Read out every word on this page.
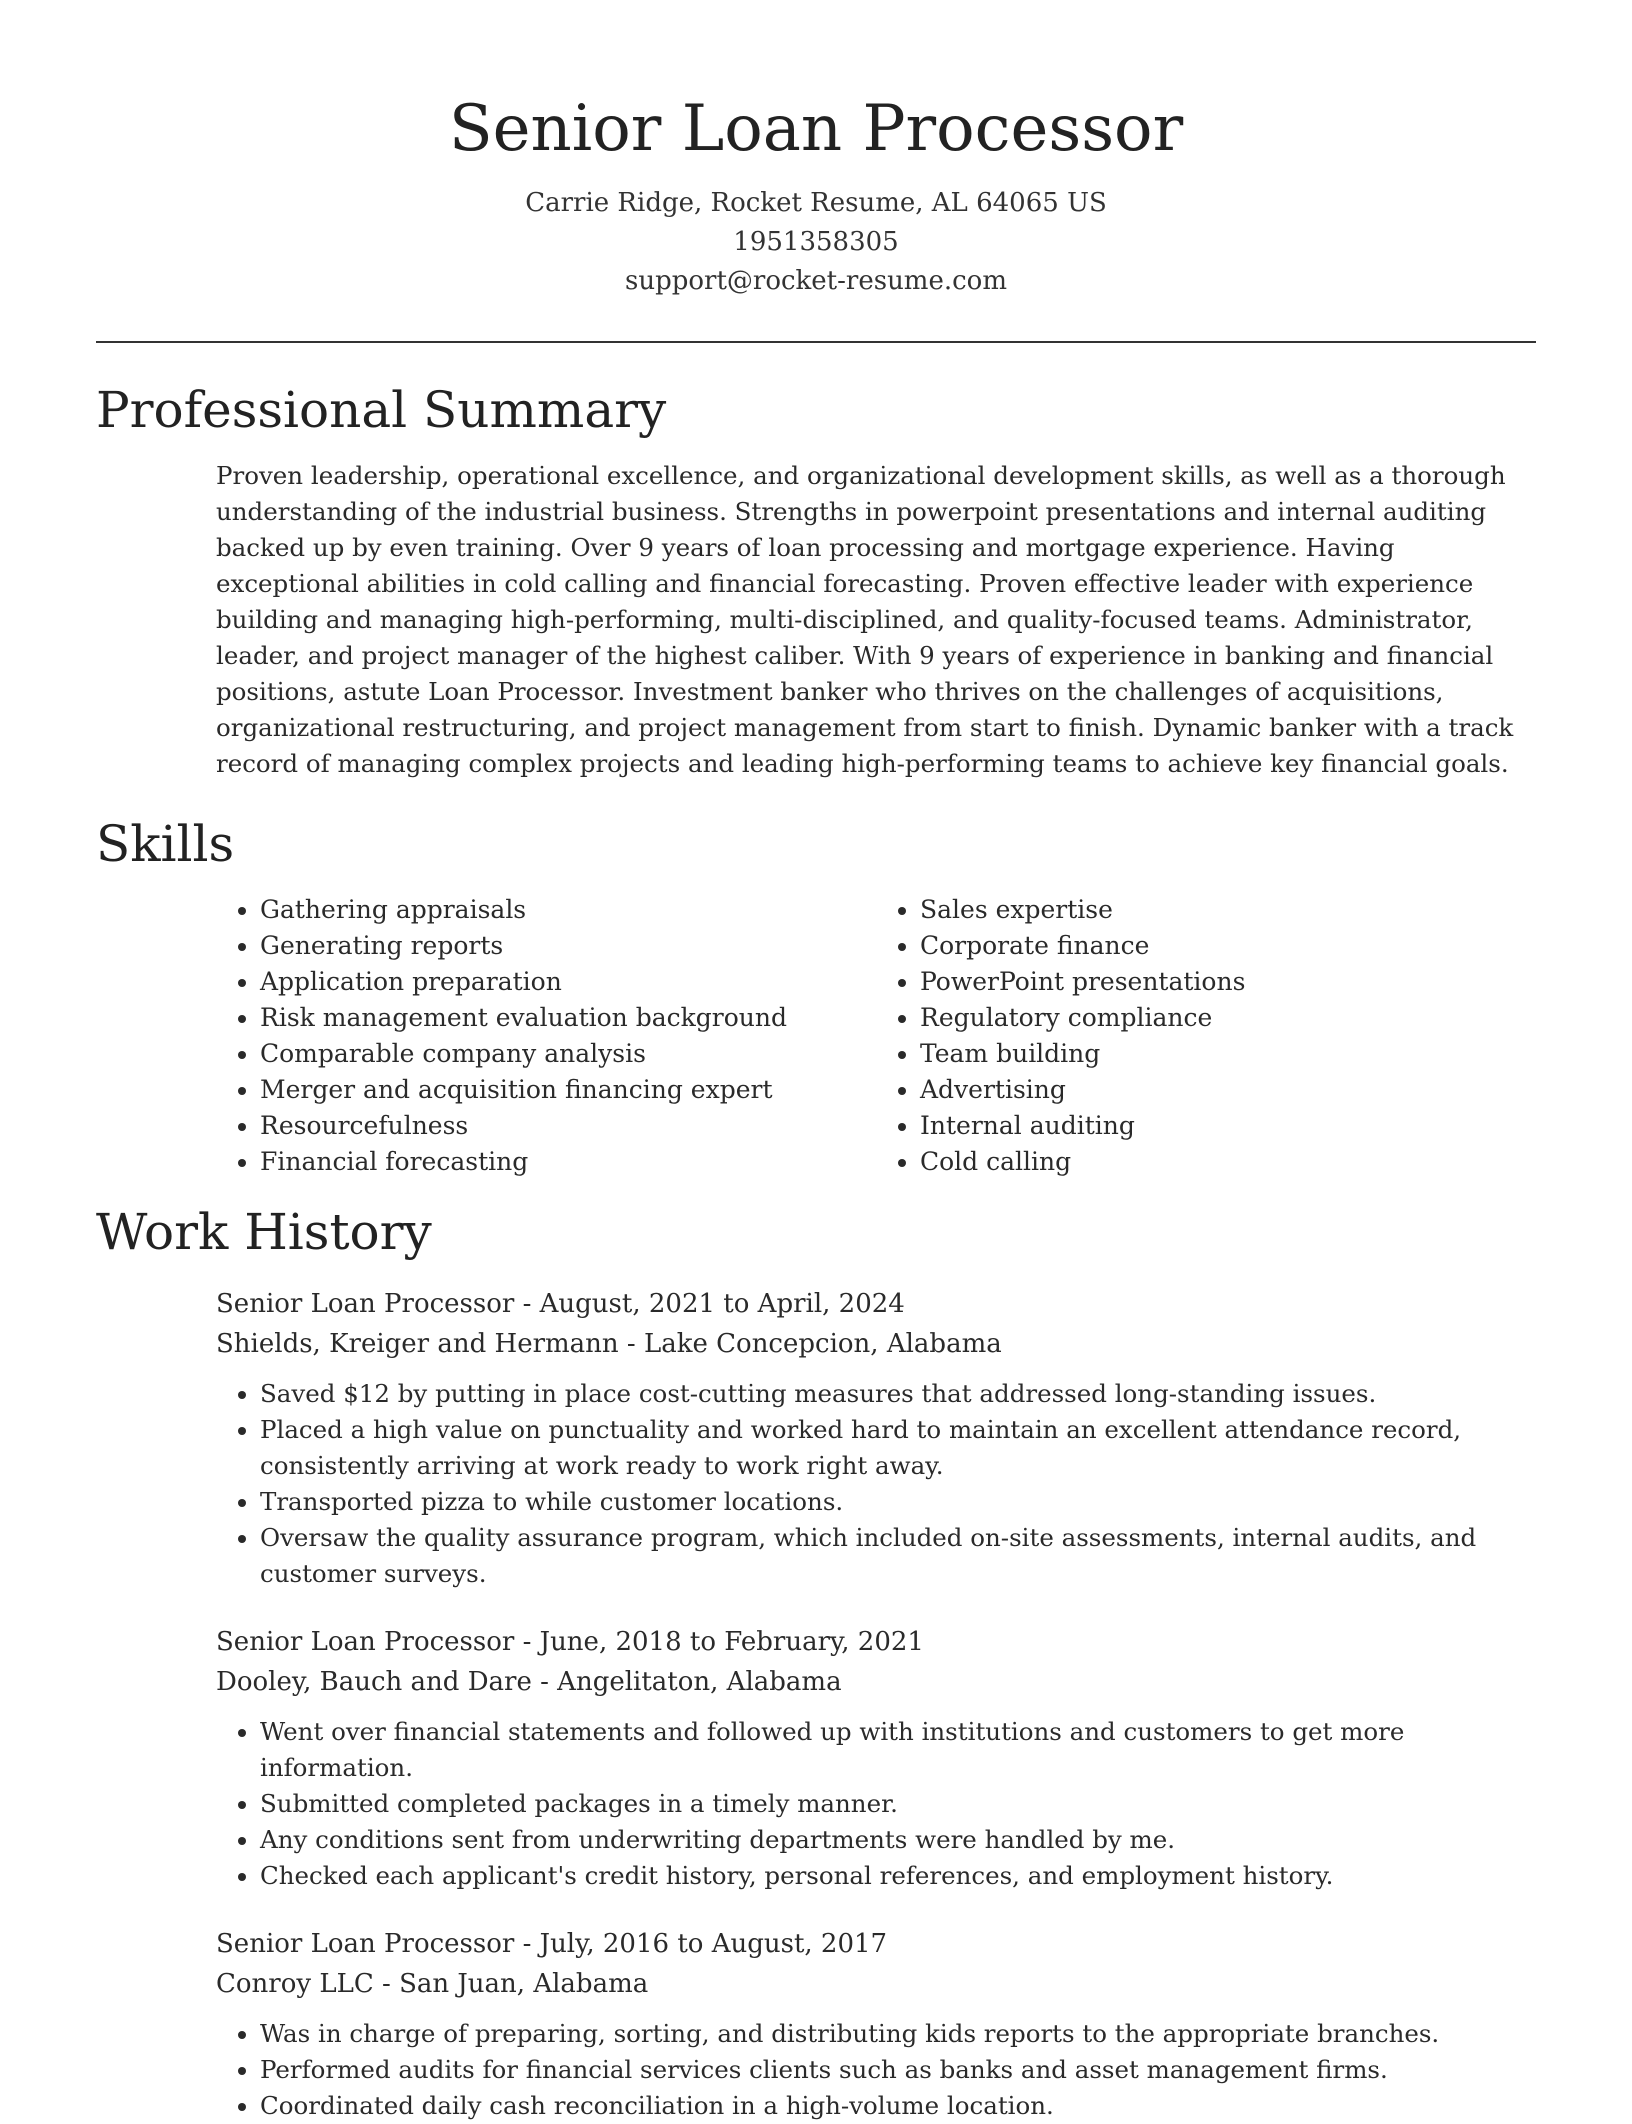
Senior Loan Processor
Carrie Ridge, Rocket Resume, AL 64065 US
1951358305
support@rocket-resume.com
Professional Summary

Proven leadership, operational excellence, and organizational development skills, as well as a thorough understanding of the industrial business. Strengths in powerpoint presentations and internal auditing backed up by even training. Over 9 years of loan processing and mortgage experience. Having exceptional abilities in cold calling and financial forecasting. Proven effective leader with experience building and managing high-performing, multi-disciplined, and quality-focused teams. Administrator, leader, and project manager of the highest caliber. With 9 years of experience in banking and financial positions, astute Loan Processor. Investment banker who thrives on the challenges of acquisitions, organizational restructuring, and project management from start to finish. Dynamic banker with a track record of managing complex projects and leading high-performing teams to achieve key financial goals.

Skills
• Gathering appraisals
• Generating reports
• Application preparation
• Risk management evaluation background
• Comparable company analysis
• Merger and acquisition financing expert
• Resourcefulness
• Financial forecasting
• Sales expertise
• Corporate finance
• PowerPoint presentations
• Regulatory compliance
• Team building
• Advertising
• Internal auditing
• Cold calling
Work History
Senior Loan Processor - August, 2021 to April, 2024
Shields, Kreiger and Hermann - Lake Concepcion, Alabama
• Saved $12 by putting in place cost-cutting measures that addressed long-standing issues.
• Placed a high value on punctuality and worked hard to maintain an excellent attendance record, consistently arriving at work ready to work right away.
• Transported pizza to while customer locations.
• Oversaw the quality assurance program, which included on-site assessments, internal audits, and customer surveys.
Senior Loan Processor - June, 2018 to February, 2021
Dooley, Bauch and Dare - Angelitaton, Alabama
• Went over financial statements and followed up with institutions and customers to get more information.
• Submitted completed packages in a timely manner.
• Any conditions sent from underwriting departments were handled by me.
• Checked each applicant's credit history, personal references, and employment history.
Senior Loan Processor - July, 2016 to August, 2017
Conroy LLC - San Juan, Alabama
• Was in charge of preparing, sorting, and distributing kids reports to the appropriate branches.
• Performed audits for financial services clients such as banks and asset management firms.
• Coordinated daily cash reconciliation in a high-volume location.
